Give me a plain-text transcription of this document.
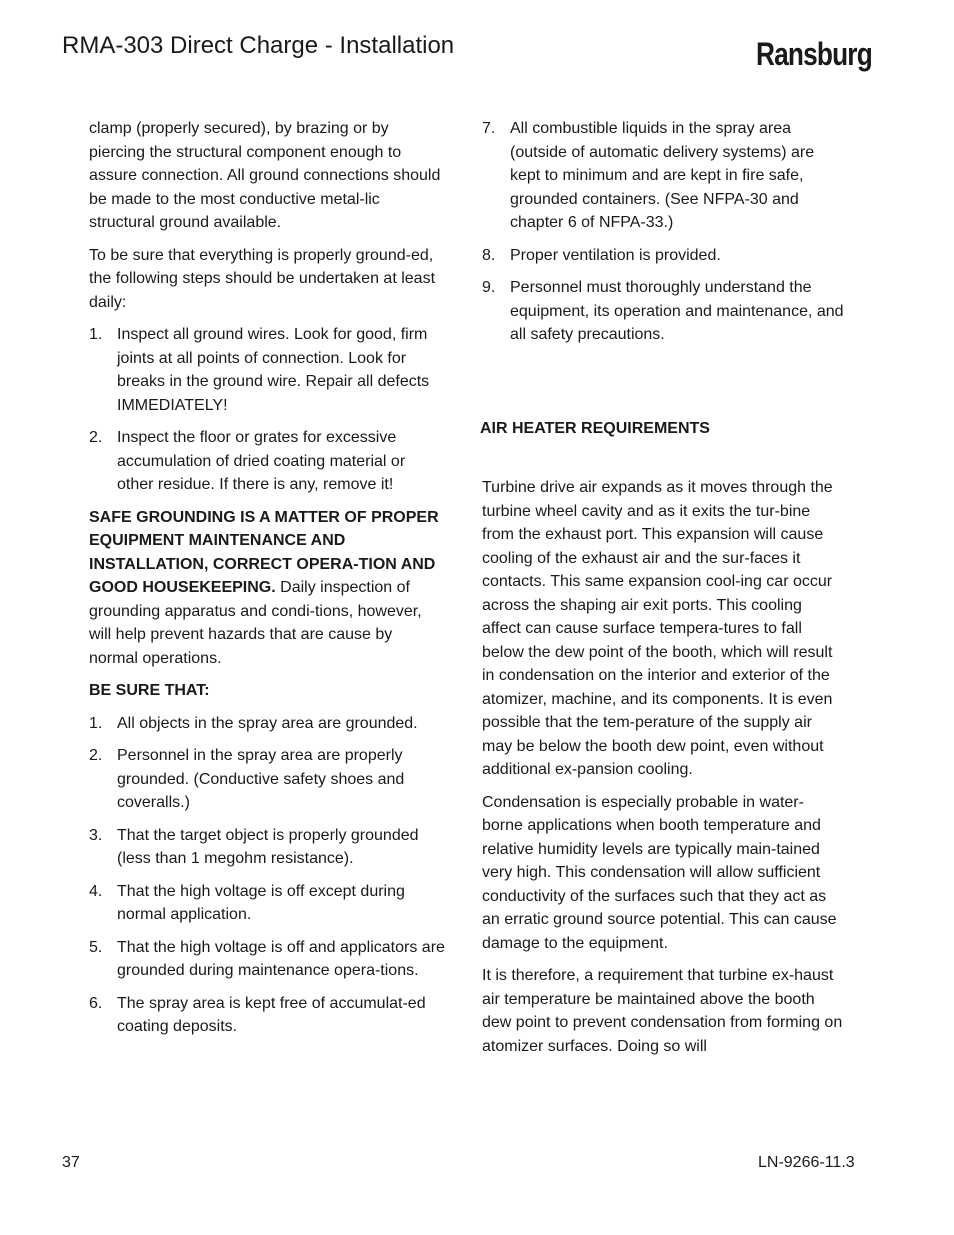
RMA-303 Direct Charge - Installation	Ransburg

clamp (properly secured), by brazing or by piercing the structural component enough to assure connection. All ground connections should be made to the most conductive metal-lic structural ground available.

To be sure that everything is properly ground-ed, the following steps should be undertaken at least daily:

1. Inspect all ground wires. Look for good, firm joints at all points of connection. Look for breaks in the ground wire. Repair all defects IMMEDIATELY!
2. Inspect the floor or grates for excessive accumulation of dried coating material or other residue. If there is any, remove it!

SAFE GROUNDING IS A MATTER OF PROPER EQUIPMENT MAINTENANCE AND INSTALLATION, CORRECT OPERA-TION AND GOOD HOUSEKEEPING. Daily inspection of grounding apparatus and condi-tions, however, will help prevent hazards that are cause by normal operations.

BE SURE THAT:

1. All objects in the spray area are grounded.
2. Personnel in the spray area are properly grounded. (Conductive safety shoes and coveralls.)
3. That the target object is properly grounded (less than 1 megohm resistance).
4. That the high voltage is off except during normal application.
5. That the high voltage is off and applicators are grounded during maintenance opera-tions.
6. The spray area is kept free of accumulat-ed coating deposits.
7. All combustible liquids in the spray area (outside of automatic delivery systems) are kept to minimum and are kept in fire safe, grounded containers. (See NFPA-30 and chapter 6 of NFPA-33.)
8. Proper ventilation is provided.
9. Personnel must thoroughly understand the equipment, its operation and maintenance, and all safety precautions.
AIR HEATER REQUIREMENTS

Turbine drive air expands as it moves through the turbine wheel cavity and as it exits the tur-bine from the exhaust port. This expansion will cause cooling of the exhaust air and the sur-faces it contacts. This same expansion cool-ing car occur across the shaping air exit ports. This cooling affect can cause surface tempera-tures to fall below the dew point of the booth, which will result in condensation on the interior and exterior of the atomizer, machine, and its components. It is even possible that the tem-perature of the supply air may be below the booth dew point, even without additional ex-pansion cooling.

Condensation is especially probable in water-borne applications when booth temperature and relative humidity levels are typically main-tained very high. This condensation will allow sufficient conductivity of the surfaces such that they act as an erratic ground source potential. This can cause damage to the equipment.

It is therefore, a requirement that turbine ex-haust air temperature be maintained above the booth dew point to prevent condensation from forming on atomizer surfaces. Doing so will

37	LN-9266-11.3
